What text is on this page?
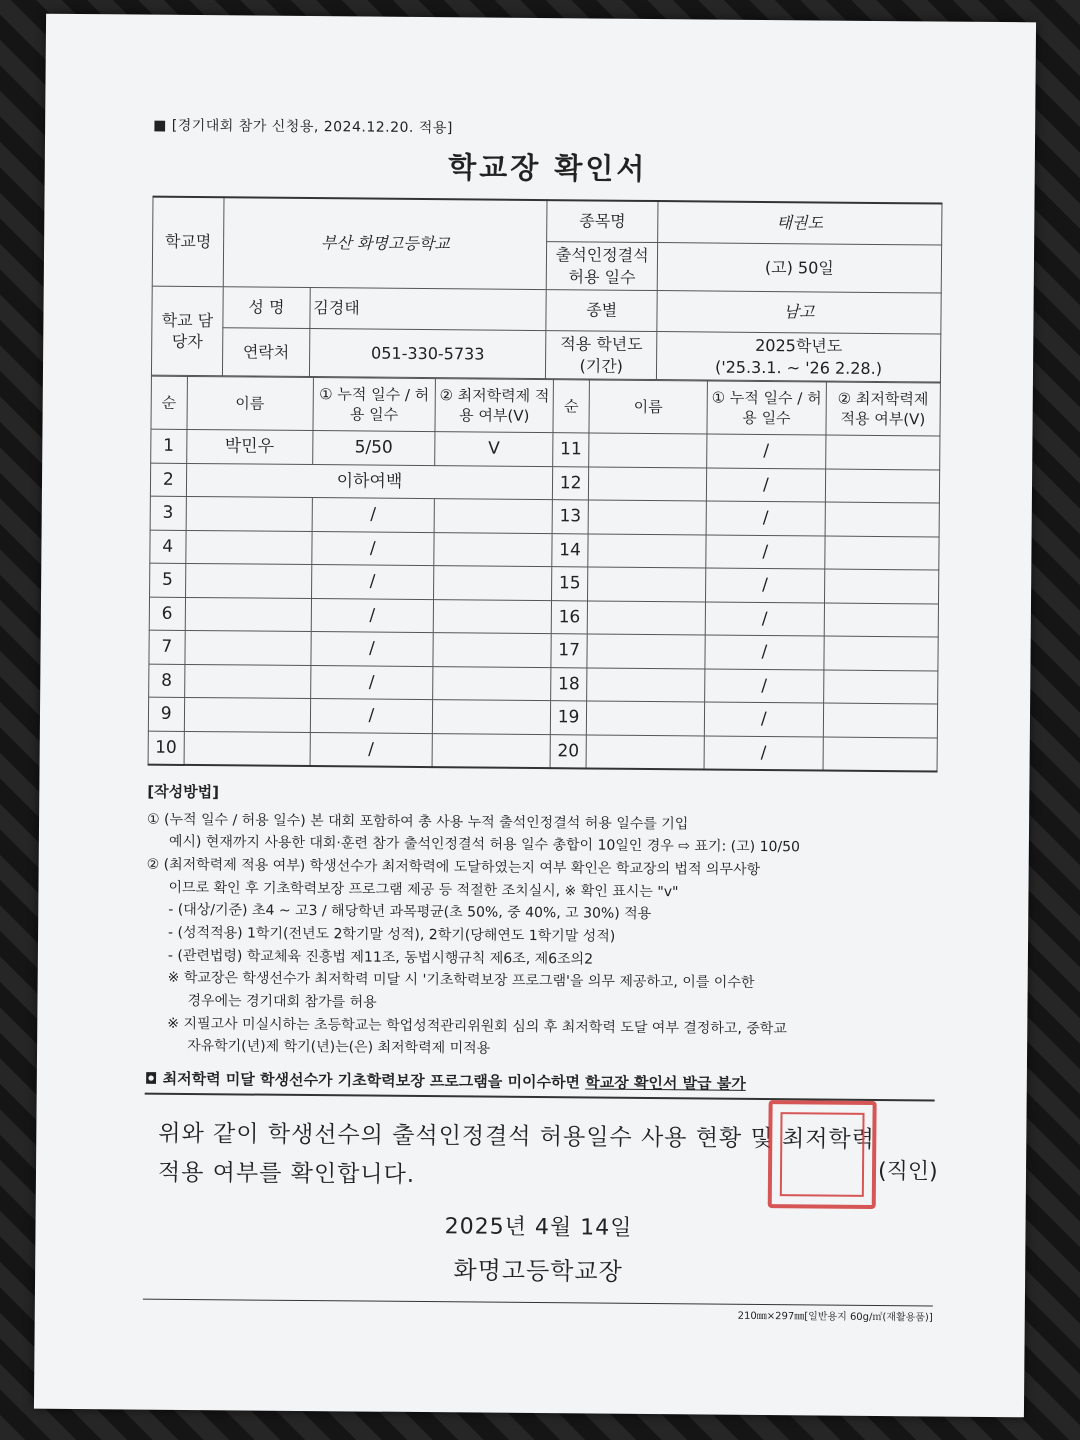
■ [경기대회 참가 신청용, 2024.12.20. 적용]
학교장 확인서
학교명	부산 화명고등학교		종목명	태권도
			출석인정결석 허용 일수	(고) 50일
학교 담당자	성 명	김경태	종별	남고
	연락처	051-330-5733	적용 학년도 (기간)	2025학년도
('25.3.1. ~ '26 2.28.)
순	이름	① 누적 일수 / 허용 일수	② 최저학력제 적용 여부(V)	순	이름	① 누적 일수 / 허용 일수	② 최저학력제 적용 여부(V)
1	박민우	5/50	V	11		/	
2	이하여백			12		/	
3		/		13		/	
4		/		14		/	
5		/		15		/	
6		/		16		/	
7		/		17		/	
8		/		18		/	
9		/		19		/	
10		/		20		/	
[작성방법]

① (누적 일수 / 허용 일수) 본 대회 포함하여 총 사용 누적 출석인정결석 허용 일수를 기입

예시) 현재까지 사용한 대회·훈련 참가 출석인정결석 허용 일수 총합이 10일인 경우 ⇨ 표기: (고) 10/50

② (최저학력제 적용 여부) 학생선수가 최저학력에 도달하였는지 여부 확인은 학교장의 법적 의무사항

이므로 확인 후 기초학력보장 프로그램 제공 등 적절한 조치실시, ※ 확인 표시는 "v"

- (대상/기준) 초4 ~ 고3 / 해당학년 과목평균(초 50%, 중 40%, 고 30%) 적용

- (성적적용) 1학기(전년도 2학기말 성적), 2학기(당해연도 1학기말 성적)

- (관련법령) 학교체육 진흥법 제11조, 동법시행규칙 제6조, 제6조의2

※ 학교장은 학생선수가 최저학력 미달 시 '기초학력보장 프로그램'을 의무 제공하고, 이를 이수한

경우에는 경기대회 참가를 허용

※ 지필고사 미실시하는 초등학교는 학업성적관리위원회 심의 후 최저학력 도달 여부 결정하고, 중학교

자유학기(년)제 학기(년)는(은) 최저학력제 미적용

◘ 최저학력 미달 학생선수가 기초학력보장 프로그램을 미이수하면 학교장 확인서 발급 불가
위와 같이 학생선수의 출석인정결석 허용일수 사용 현황 및 최저학력
적용 여부를 확인합니다.
2025년 4월 14일
화명고등학교장
210㎜×297㎜[일반용지 60g/㎡(재활용품)]
(직인)
